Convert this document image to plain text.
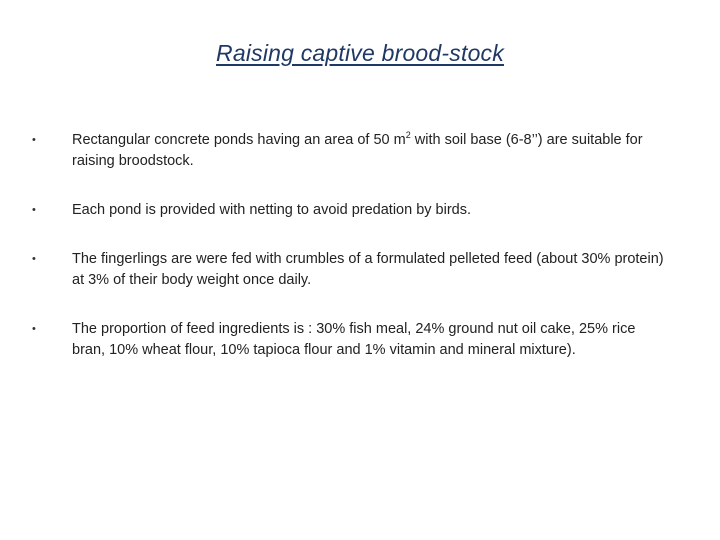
Raising captive brood-stock
•	Rectangular concrete ponds having an area of 50 $m^2$ with soil base (6-8’’) are suitable for raising broodstock.
•	Each pond is provided with netting to avoid predation by birds.
•	The fingerlings are were fed with crumbles of a formulated pelleted feed (about 30% protein) at 3% of their body weight once daily.
•	The proportion of feed ingredients is : 30% fish meal, 24% ground nut oil cake, 25% rice bran, 10% wheat flour, 10% tapioca flour and 1% vitamin and mineral mixture).
